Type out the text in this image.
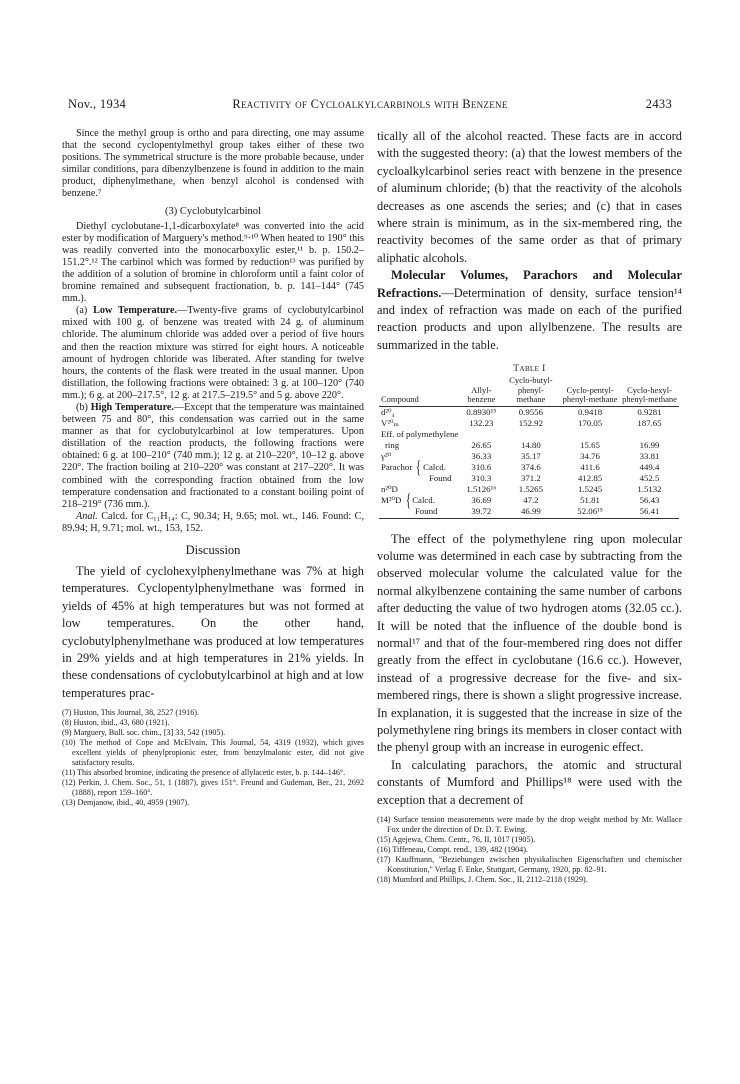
Nov., 1934	Reactivity of Cycloalkylcarbinols with Benzene	2433

Since the methyl group is ortho and para directing, one may assume that the second cyclopentylmethyl group takes either of these two positions. The symmetrical structure is the more probable because, under similar conditions, para dibenzylbenzene is found in addition to the main product, diphenylmethane, when benzyl alcohol is condensed with benzene.⁷

(3) Cyclobutylcarbinol

Diethyl cyclobutane-1,1-dicarboxylate⁸ was converted into the acid ester by modification of Marguery's method.⁹·¹⁰ When heated to 190° this was readily converted into the monocarboxylic ester,¹¹ b. p. 150.2–151.2°.¹² The carbinol which was formed by reduction¹³ was purified by the addition of a solution of bromine in chloroform until a faint color of bromine remained and subsequent fractionation, b. p. 141–144° (745 mm.).

(a) Low Temperature.—Twenty-five grams of cyclobutylcarbinol mixed with 100 g. of benzene was treated with 24 g. of aluminum chloride. The aluminum chloride was added over a period of five hours and then the reaction mixture was stirred for eight hours. A noticeable amount of hydrogen chloride was liberated. After standing for twelve hours, the contents of the flask were treated in the usual manner. Upon distillation, the following fractions were obtained: 3 g. at 100–120° (740 mm.); 6 g. at 200–217.5°, 12 g. at 217.5–219.5° and 5 g. above 220°.

(b) High Temperature.—Except that the temperature was maintained between 75 and 80°, this condensation was carried out in the same manner as that for cyclobutylcarbinol at low temperatures. Upon distillation of the reaction products, the following fractions were obtained: 6 g. at 100–210° (740 mm.); 12 g. at 210–220°, 10–12 g. above 220°. The fraction boiling at 210–220° was constant at 217–220°. It was combined with the corresponding fraction obtained from the low temperature condensation and fractionated to a constant boiling point of 218–219° (736 mm.).

Anal. Calcd. for C₁₁H₁₄: C, 90.34; H, 9.65; mol. wt., 146. Found: C, 89.94; H, 9.71; mol. wt., 153, 152.

Discussion

The yield of cyclohexylphenylmethane was 7% at high temperatures. Cyclopentylphenylmethane was formed in yields of 45% at high temperatures but was not formed at low temperatures. On the other hand, cyclobutylphenylmethane was produced at low temperatures in 29% yields and at high temperatures in 21% yields. In these condensations of cyclobutylcarbinol at high and at low temperatures prac-

(7) Huston, This Journal, 38, 2527 (1916).

(8) Huston, ibid., 43, 680 (1921).

(9) Marguery, Bull. soc. chim., [3] 33, 542 (1905).

(10) The method of Cope and McElvain, This Journal, 54, 4319 (1932), which gives excellent yields of phenylpropionic ester, from benzylmalonic ester, did not give satisfactory results.

(11) This absorbed bromine, indicating the presence of allylacetic ester, b. p. 144–146°.

(12) Perkin, J. Chem. Soc., 51, 1 (1887), gives 151°. Freund and Gudeman, Ber., 21, 2692 (1888), report 159–160°.

(13) Demjanow, ibid., 40, 4959 (1907).

tically all of the alcohol reacted. These facts are in accord with the suggested theory: (a) that the lowest members of the cycloalkylcarbinol series react with benzene in the presence of aluminum chloride; (b) that the reactivity of the alcohols decreases as one ascends the series; and (c) that in cases where strain is minimum, as in the six-membered ring, the reactivity becomes of the same order as that of primary aliphatic alcohols.

Molecular Volumes, Parachors and Molecular Refractions.—Determination of density, surface tension¹⁴ and index of refraction was made on each of the purified reaction products and upon allylbenzene. The results are summarized in the table.

Table I
Compound	Allyl-benzene	Cyclo-butyl-phenyl-methane	Cyclo-pentyl-phenyl-methane	Cyclo-hexyl-phenyl-methane
d²⁰₄	0.8930¹⁵	0.9556	0.9418	0.9281
V²⁰ₘ	132.23	152.92	170.05	187.65
Eff. of polymethylene				
ring	26.65	14.80	15.65	16.99
γ²⁰	36.33	35.17	34.76	33.81
Parachor { Calcd.	310.6	374.6	411.6	449.4
Found	310.3	371.2	412.85	452.5
n²⁰D	1.5126¹⁶	1.5265	1.5245	1.5132
M²⁰D { Calcd.	36.69	47.2	51.81	56.43
Found	39.72	46.99	52.06¹⁵	56.41

The effect of the polymethylene ring upon molecular volume was determined in each case by subtracting from the observed molecular volume the calculated value for the normal alkylbenzene containing the same number of carbons after deducting the value of two hydrogen atoms (32.05 cc.). It will be noted that the influence of the double bond is normal¹⁷ and that of the four-membered ring does not differ greatly from the effect in cyclobutane (16.6 cc.). However, instead of a progressive decrease for the five- and six-membered rings, there is shown a slight progressive increase. In explanation, it is suggested that the increase in size of the polymethylene ring brings its members in closer contact with the phenyl group with an increase in eurogenic effect.

In calculating parachors, the atomic and structural constants of Mumford and Phillips¹⁸ were used with the exception that a decrement of

(14) Surface tension measurements were made by the drop weight method by Mr. Wallace Fox under the direction of Dr. D. T. Ewing.

(15) Agejewa, Chem. Centr., 76, II, 1017 (1905).

(16) Tiffeneau, Compt. rend., 139, 482 (1904).

(17) Kauffmann, "Beziehungen zwischen physikalischen Eigenschaften und chemischer Konstitution," Verlag F. Enke, Stuttgart, Germany, 1920, pp. 82–91.

(18) Mumford and Phillips, J. Chem. Soc., II, 2112–2118 (1929).
